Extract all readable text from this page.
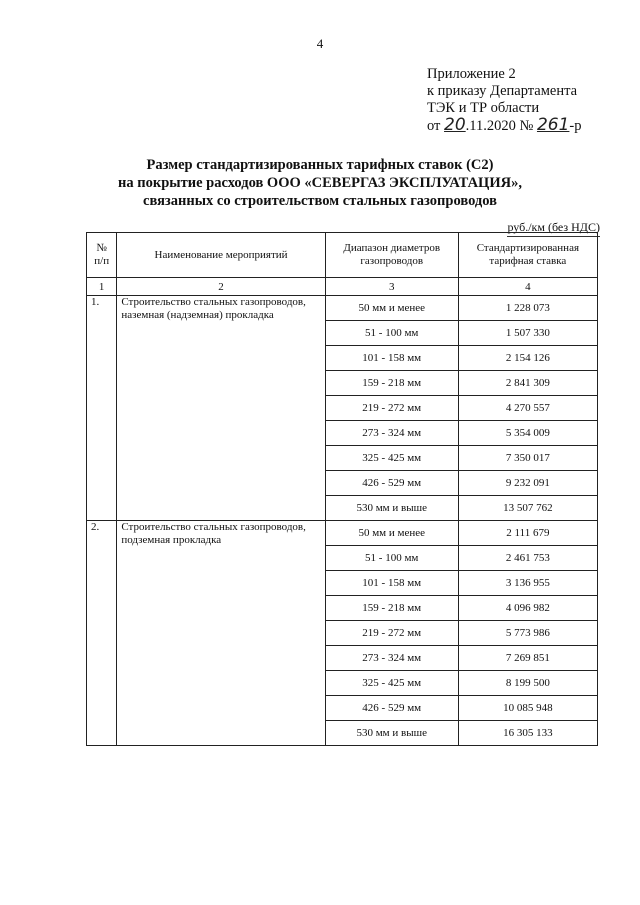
4
Приложение 2
к приказу Департамента
ТЭК и ТР области
от 20.11.2020 № 261-р
Размер стандартизированных тарифных ставок (С2)
на покрытие расходов ООО «СЕВЕРГАЗ ЭКСПЛУАТАЦИЯ»,
связанных со строительством стальных газопроводов
руб./км (без НДС)
№ п/п	Наименование мероприятий	Диапазон диаметров газопроводов	Стандартизированная тарифная ставка
1	2	3	4
1.	Строительство стальных газопроводов, наземная (надземная) прокладка	50 мм и менее	1 228 073
		51 - 100 мм	1 507 330
		101 - 158 мм	2 154 126
		159 - 218 мм	2 841 309
		219 - 272 мм	4 270 557
		273 - 324 мм	5 354 009
		325 - 425 мм	7 350 017
		426 - 529 мм	9 232 091
		530 мм и выше	13 507 762
2.	Строительство стальных газопроводов, подземная прокладка	50 мм и менее	2 111 679
		51 - 100 мм	2 461 753
		101 - 158 мм	3 136 955
		159 - 218 мм	4 096 982
		219 - 272 мм	5 773 986
		273 - 324 мм	7 269 851
		325 - 425 мм	8 199 500
		426 - 529 мм	10 085 948
		530 мм и выше	16 305 133
